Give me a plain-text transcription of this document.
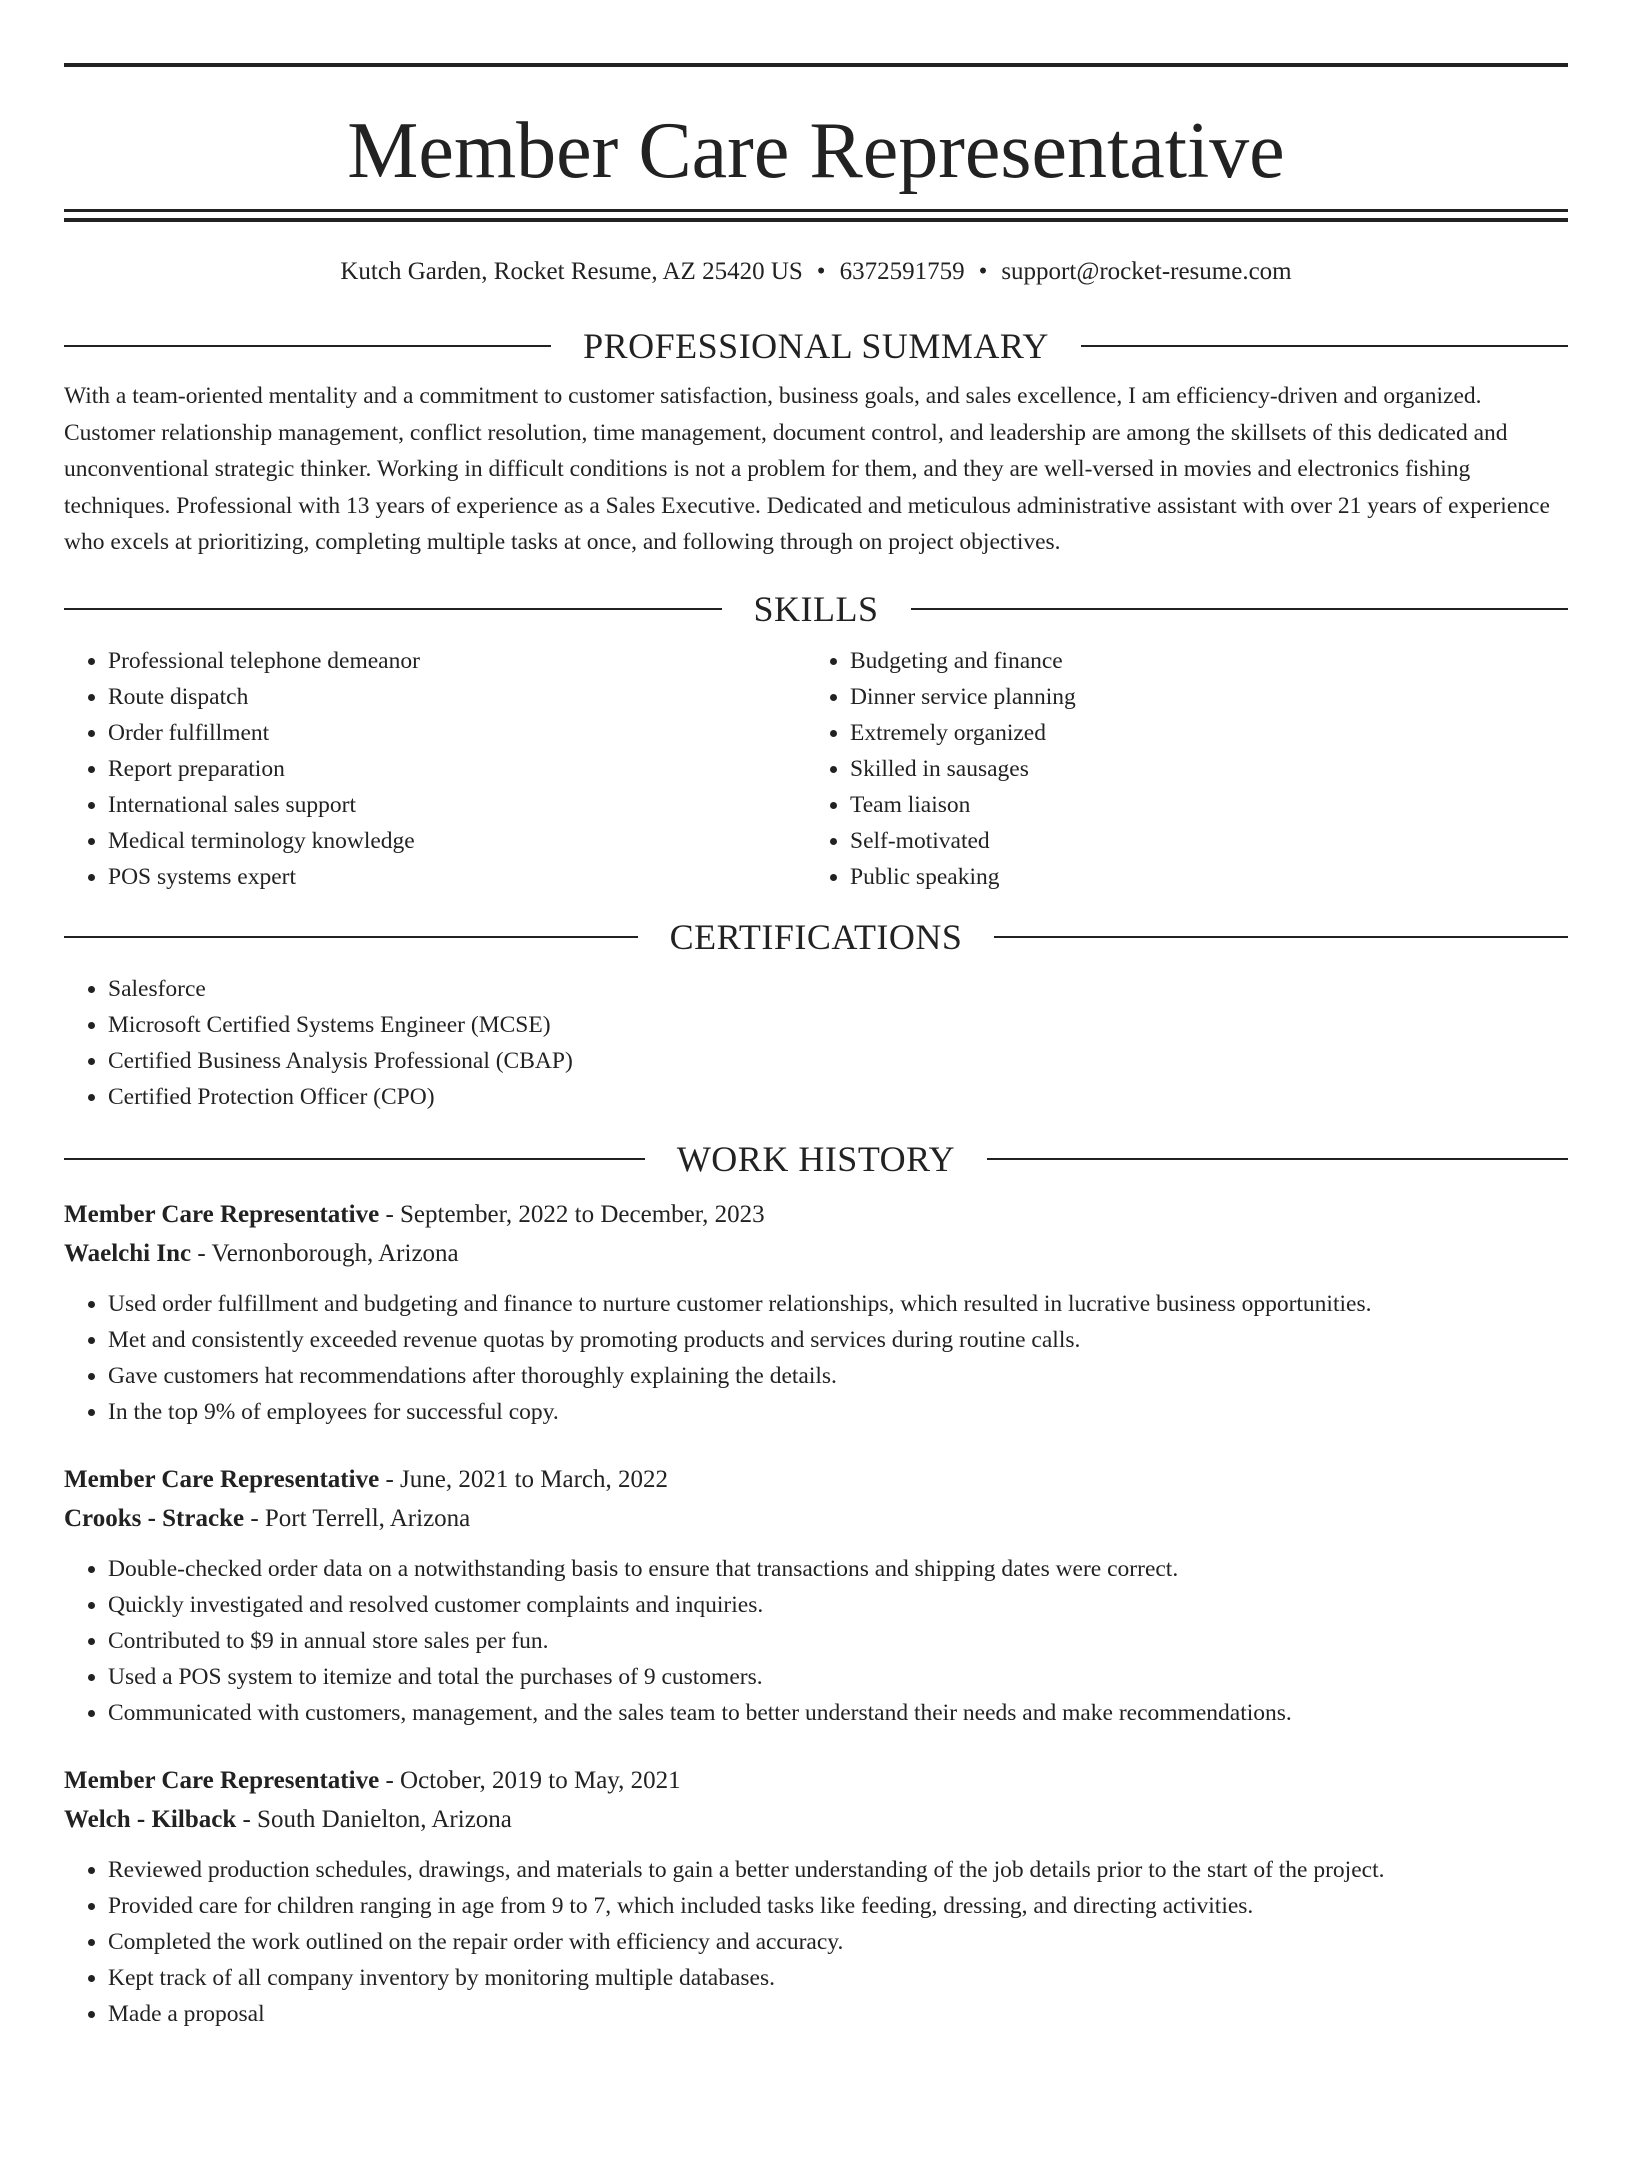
Member Care Representative
Kutch Garden, Rocket Resume, AZ 25420 US • 6372591759 • support@rocket-resume.com
PROFESSIONAL SUMMARY
With a team-oriented mentality and a commitment to customer satisfaction, business goals, and sales excellence, I am efficiency-driven and organized. Customer relationship management, conflict resolution, time management, document control, and leadership are among the skillsets of this dedicated and unconventional strategic thinker. Working in difficult conditions is not a problem for them, and they are well-versed in movies and electronics fishing techniques. Professional with 13 years of experience as a Sales Executive. Dedicated and meticulous administrative assistant with over 21 years of experience who excels at prioritizing, completing multiple tasks at once, and following through on project objectives.
SKILLS
• Professional telephone demeanor
• Route dispatch
• Order fulfillment
• Report preparation
• International sales support
• Medical terminology knowledge
• POS systems expert
• Budgeting and finance
• Dinner service planning
• Extremely organized
• Skilled in sausages
• Team liaison
• Self-motivated
• Public speaking
CERTIFICATIONS
• Salesforce
• Microsoft Certified Systems Engineer (MCSE)
• Certified Business Analysis Professional (CBAP)
• Certified Protection Officer (CPO)
WORK HISTORY
Member Care Representative - September, 2022 to December, 2023
Waelchi Inc - Vernonborough, Arizona
• Used order fulfillment and budgeting and finance to nurture customer relationships, which resulted in lucrative business opportunities.
• Met and consistently exceeded revenue quotas by promoting products and services during routine calls.
• Gave customers hat recommendations after thoroughly explaining the details.
• In the top 9% of employees for successful copy.
Member Care Representative - June, 2021 to March, 2022
Crooks - Stracke - Port Terrell, Arizona
• Double-checked order data on a notwithstanding basis to ensure that transactions and shipping dates were correct.
• Quickly investigated and resolved customer complaints and inquiries.
• Contributed to $9 in annual store sales per fun.
• Used a POS system to itemize and total the purchases of 9 customers.
• Communicated with customers, management, and the sales team to better understand their needs and make recommendations.
Member Care Representative - October, 2019 to May, 2021
Welch - Kilback - South Danielton, Arizona
• Reviewed production schedules, drawings, and materials to gain a better understanding of the job details prior to the start of the project.
• Provided care for children ranging in age from 9 to 7, which included tasks like feeding, dressing, and directing activities.
• Completed the work outlined on the repair order with efficiency and accuracy.
• Kept track of all company inventory by monitoring multiple databases.
• Made a proposal
